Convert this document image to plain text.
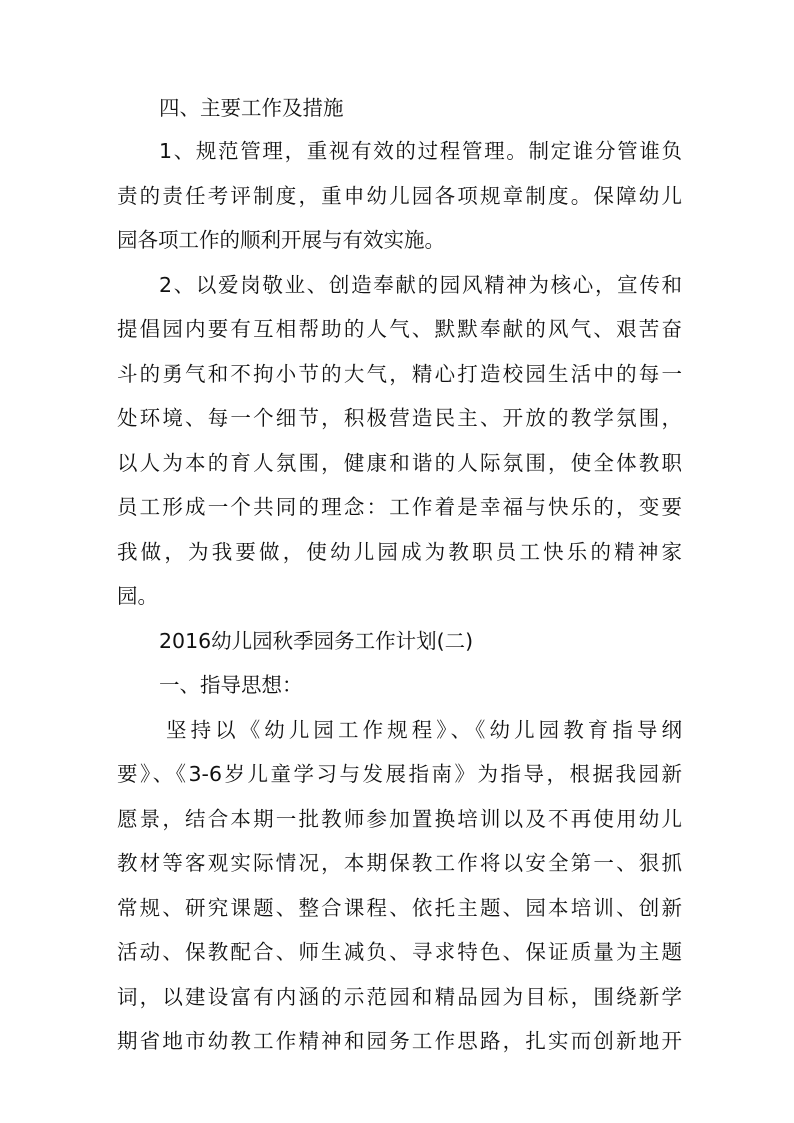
四、主要工作及措施
1、规范管理，重视有效的过程管理。制定谁分管谁负
责的责任考评制度，重申幼儿园各项规章制度。保障幼儿
园各项工作的顺利开展与有效实施。
2、以爱岗敬业、创造奉献的园风精神为核心，宣传和
提倡园内要有互相帮助的人气、默默奉献的风气、艰苦奋
斗的勇气和不拘小节的大气，精心打造校园生活中的每一
处环境、每一个细节，积极营造民主、开放的教学氛围，
以人为本的育人氛围，健康和谐的人际氛围，使全体教职
员工形成一个共同的理念：工作着是幸福与快乐的，变要
我做，为我要做，使幼儿园成为教职员工快乐的精神家
园。
2016幼儿园秋季园务工作计划(二)
一、指导思想：
坚持以《幼儿园工作规程》、《幼儿园教育指导纲
要》、《3-6岁儿童学习与发展指南》为指导，根据我园新
愿景，结合本期一批教师参加置换培训以及不再使用幼儿
教材等客观实际情况，本期保教工作将以安全第一、狠抓
常规、研究课题、整合课程、依托主题、园本培训、创新
活动、保教配合、师生减负、寻求特色、保证质量为主题
词，以建设富有内涵的示范园和精品园为目标，围绕新学
期省地市幼教工作精神和园务工作思路，扎实而创新地开
